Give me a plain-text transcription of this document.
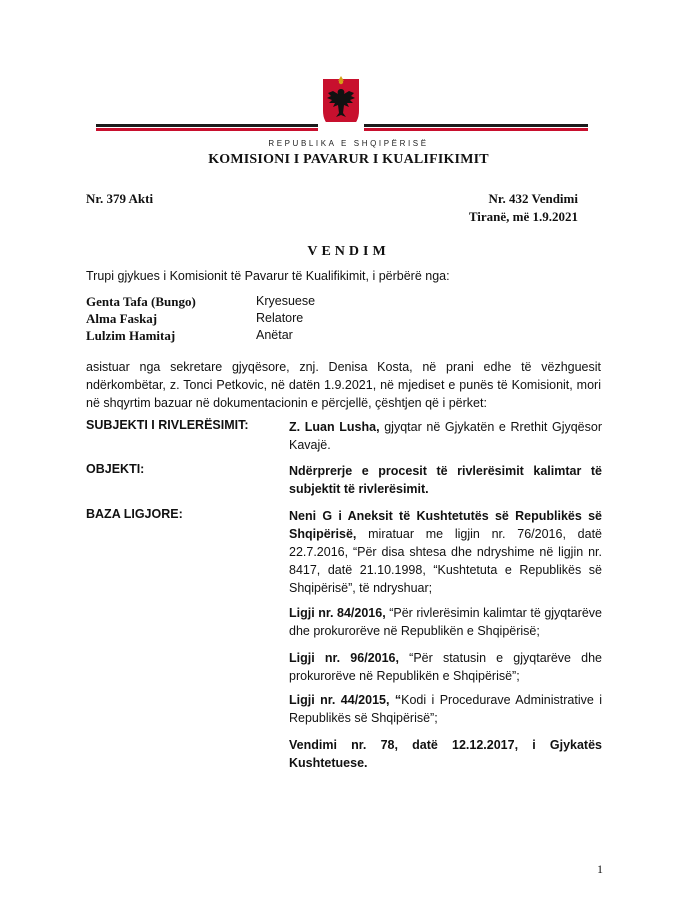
REPUBLIKA E SHQIPËRISË
KOMISIONI I PAVARUR I KUALIFIKIMIT
Nr. 379 Akti	Nr. 432 Vendimi
Tiranë, më 1.9.2021
VENDIM
Trupi gjykues i Komisionit të Pavarur të Kualifikimit, i përbërë nga:
Genta Tafa (Bungo)	Kryesuese
Alma Faskaj	Relatore
Lulzim Hamitaj	Anëtar
asistuar nga sekretare gjyqësore, znj. Denisa Kosta, në prani edhe të vëzhguesit ndërkombëtar, z. Tonci Petkovic, në datën 1.9.2021, në mjediset e punës të Komisionit, mori në shqyrtim bazuar në dokumentacionin e përcjellë, çështjen që i përket:
SUBJEKTI I RIVLERËSIMIT:	Z. Luan Lusha, gjyqtar në Gjykatën e Rrethit Gjyqësor Kavajë.
OBJEKTI:	Ndërprerje e procesit të rivlerësimit kalimtar të subjektit të rivlerësimit.
BAZA LIGJORE:	Neni G i Aneksit të Kushtetutës së Republikës së Shqipërisë, miratuar me ligjin nr. 76/2016, datë 22.7.2016, “Për disa shtesa dhe ndryshime në ligjin nr. 8417, datë 21.10.1998, “Kushtetuta e Republikës së Shqipërisë”, të ndryshuar;
Ligji nr. 84/2016, “Për rivlerësimin kalimtar të gjyqtarëve dhe prokurorëve në Republikën e Shqipërisë;
Ligji nr. 96/2016, “Për statusin e gjyqtarëve dhe prokurorëve në Republikën e Shqipërisë”;
Ligji nr. 44/2015, “Kodi i Procedurave Administrative i Republikës së Shqipërisë”;
Vendimi nr. 78, datë 12.12.2017, i Gjykatës Kushtetuese.
1
